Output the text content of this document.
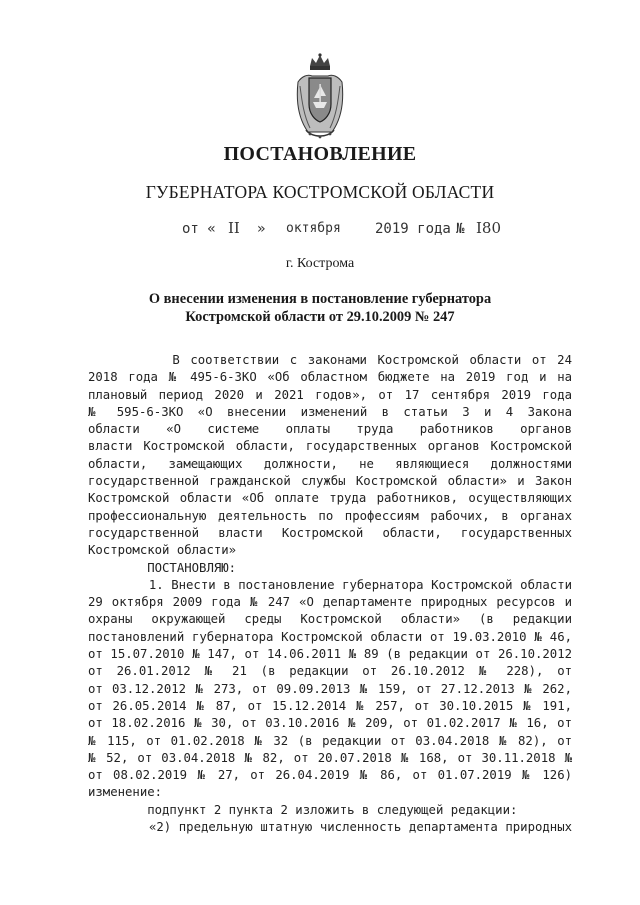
ПОСТАНОВЛЕНИЕ
ГУБЕРНАТОРА КОСТРОМСКОЙ ОБЛАСТИ
от « II » октября 2019 года № I80
г. Кострома
О внесении изменения в постановление губернатора
Костромской области от 29.10.2009 № 247
В соответствии с законами Костромской области от 24
2018 года № 495-6-ЗКО «Об областном бюджете на 2019 год и на
плановый период 2020 и 2021 годов», от 17 сентября 2019 года
№ 595-6-ЗКО «О внесении изменений в статьи 3 и 4 Закона
области «О системе оплаты труда работников органов
власти Костромской области, государственных органов Костромской
области, замещающих должности, не являющиеся должностями
государственной гражданской службы Костромской области» и Закон
Костромской области «Об оплате труда работников, осуществляющих
профессиональную деятельность по профессиям рабочих, в органах
государственной власти Костромской области, государственных
Костромской области»
ПОСТАНОВЛЯЮ:
1. Внести в постановление губернатора Костромской области
29 октября 2009 года № 247 «О департаменте природных ресурсов и
охраны окружающей среды Костромской области» (в редакции
постановлений губернатора Костромской области от 19.03.2010 № 46,
от 15.07.2010 № 147, от 14.06.2011 № 89 (в редакции от 26.10.2012
от 26.01.2012 № 21 (в редакции от 26.10.2012 № 228), от
от 03.12.2012 № 273, от 09.09.2013 № 159, от 27.12.2013 № 262,
от 26.05.2014 № 87, от 15.12.2014 № 257, от 30.10.2015 № 191,
от 18.02.2016 № 30, от 03.10.2016 № 209, от 01.02.2017 № 16, от
№ 115, от 01.02.2018 № 32 (в редакции от 03.04.2018 № 82), от
№ 52, от 03.04.2018 № 82, от 20.07.2018 № 168, от 30.11.2018 №
от 08.02.2019 № 27, от 26.04.2019 № 86, от 01.07.2019 № 126)
изменение:
подпункт 2 пункта 2 изложить в следующей редакции:
«2) предельную штатную численность департамента природных
